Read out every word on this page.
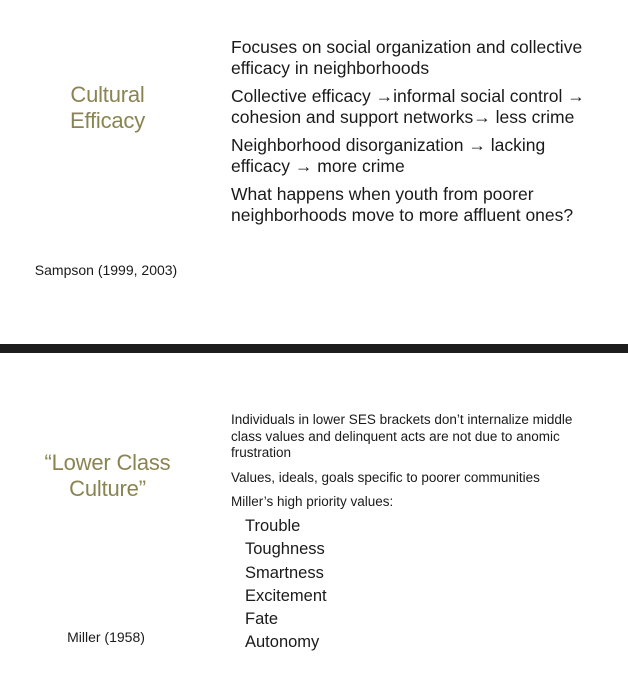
Cultural Efficacy
Focuses on social organization and collective efficacy in neighborhoods
Collective efficacy →informal social control → cohesion and support networks→ less crime
Neighborhood disorganization → lacking efficacy → more crime
What happens when youth from poorer neighborhoods move to more affluent ones?
Sampson (1999, 2003)
“Lower Class Culture”
Individuals in lower SES brackets don’t internalize middle class values and delinquent acts are not due to anomic frustration
Values, ideals, goals specific to poorer communities
Miller’s high priority values:
Trouble
Toughness
Smartness
Excitement
Fate
Autonomy
Miller (1958)
